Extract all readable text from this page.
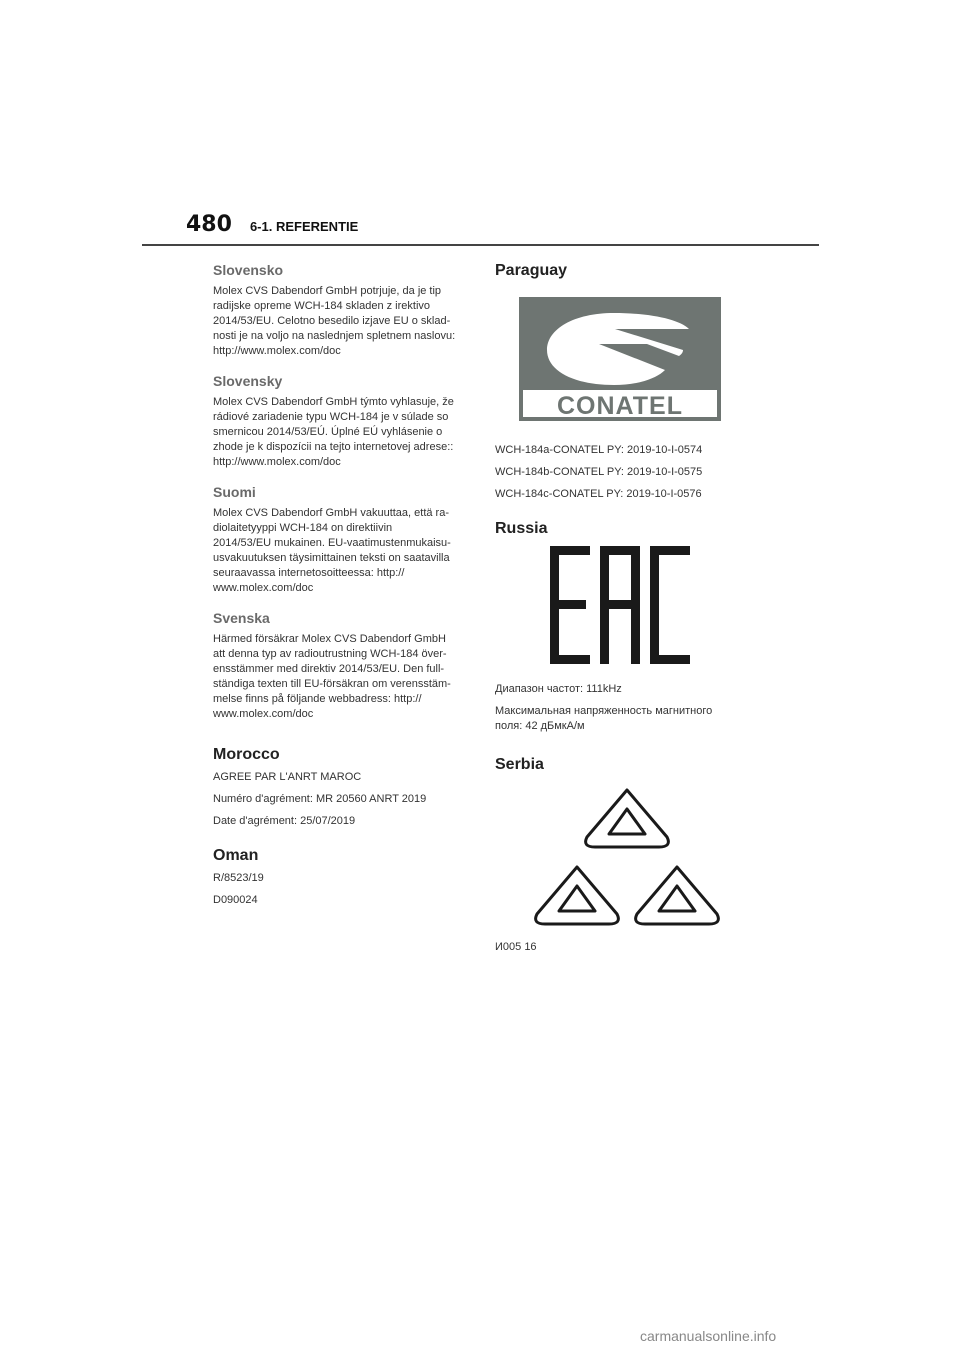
480 6-1. REFERENTIE
Slovensko

Molex CVS Dabendorf GmbH potrjuje, da je tip
radijske opreme WCH-184 skladen z irektivo
2014/53/EU. Celotno besedilo izjave EU o sklad-
nosti je na voljo na naslednjem spletnem naslovu:
http://www.molex.com/doc

Slovensky

Molex CVS Dabendorf GmbH týmto vyhlasuje, že
rádiové zariadenie typu WCH-184 je v súlade so
smernicou 2014/53/EÚ. Úplné EÚ vyhlásenie o
zhode je k dispozícii na tejto internetovej adrese::
http://www.molex.com/doc

Suomi

Molex CVS Dabendorf GmbH vakuuttaa, että ra-
diolaitetyyppi WCH-184 on direktiivin
2014/53/EU mukainen. EU-vaatimustenmukaisu-
usvakuutuksen täysimittainen teksti on saatavilla
seuraavassa internetosoitteessa: http://
www.molex.com/doc

Svenska

Härmed försäkrar Molex CVS Dabendorf GmbH
att denna typ av radioutrustning WCH-184 över-
ensstämmer med direktiv 2014/53/EU. Den full-
ständiga texten till EU-försäkran om verensstäm-
melse finns på följande webbadress: http://
www.molex.com/doc

Morocco

AGREE PAR L'ANRT MAROC

Numéro d'agrément: MR 20560 ANRT 2019

Date d'agrément: 25/07/2019

Oman

R/8523/19

D090024

Paraguay
CONATEL

WCH-184a-CONATEL PY: 2019-10-I-0574

WCH-184b-CONATEL PY: 2019-10-I-0575

WCH-184c-CONATEL PY: 2019-10-I-0576

Russia

Диапазон частот: 111kHz

Максимальная напряженность магнитного
поля: 42 дБмкА/м

Serbia

И005 16

carmanualsonline.info
